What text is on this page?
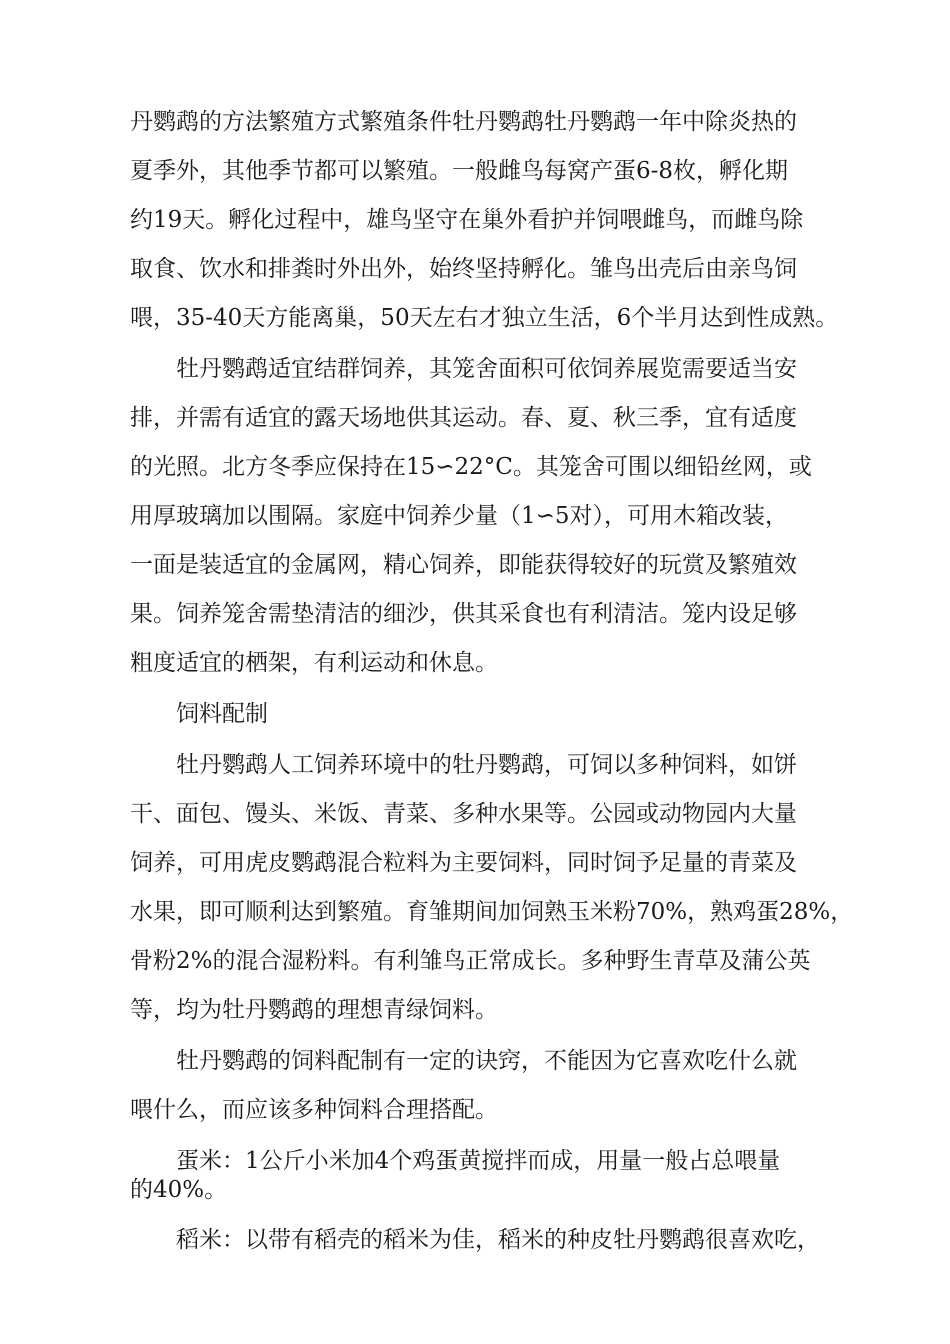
丹鹦鹉的方法繁殖方式繁殖条件牡丹鹦鹉牡丹鹦鹉一年中除炎热的

夏季外，其他季节都可以繁殖。一般雌鸟每窝产蛋6-8枚，孵化期

约19天。孵化过程中，雄鸟坚守在巢外看护并饲喂雌鸟，而雌鸟除

取食、饮水和排粪时外出外，始终坚持孵化。雏鸟出壳后由亲鸟饲

喂，35-40天方能离巢，50天左右才独立生活，6个半月达到性成熟。

牡丹鹦鹉适宜结群饲养，其笼舍面积可依饲养展览需要适当安

排，并需有适宜的露天场地供其运动。春、夏、秋三季，宜有适度

的光照。北方冬季应保持在15∽22°C。其笼舍可围以细铅丝网，或

用厚玻璃加以围隔。家庭中饲养少量（1∽5对），可用木箱改装，

一面是装适宜的金属网，精心饲养，即能获得较好的玩赏及繁殖效

果。饲养笼舍需垫清洁的细沙，供其采食也有利清洁。笼内设足够

粗度适宜的栖架，有利运动和休息。

饲料配制

牡丹鹦鹉人工饲养环境中的牡丹鹦鹉，可饲以多种饲料，如饼

干、面包、馒头、米饭、青菜、多种水果等。公园或动物园内大量

饲养，可用虎皮鹦鹉混合粒料为主要饲料，同时饲予足量的青菜及

水果，即可顺利达到繁殖。育雏期间加饲熟玉米粉70%，熟鸡蛋28%，

骨粉2%的混合湿粉料。有利雏鸟正常成长。多种野生青草及蒲公英

等，均为牡丹鹦鹉的理想青绿饲料。

牡丹鹦鹉的饲料配制有一定的诀窍，不能因为它喜欢吃什么就

喂什么，而应该多种饲料合理搭配。

蛋米：1公斤小米加4个鸡蛋黄搅拌而成，用量一般占总喂量

的40%。

稻米：以带有稻壳的稻米为佳，稻米的种皮牡丹鹦鹉很喜欢吃，
